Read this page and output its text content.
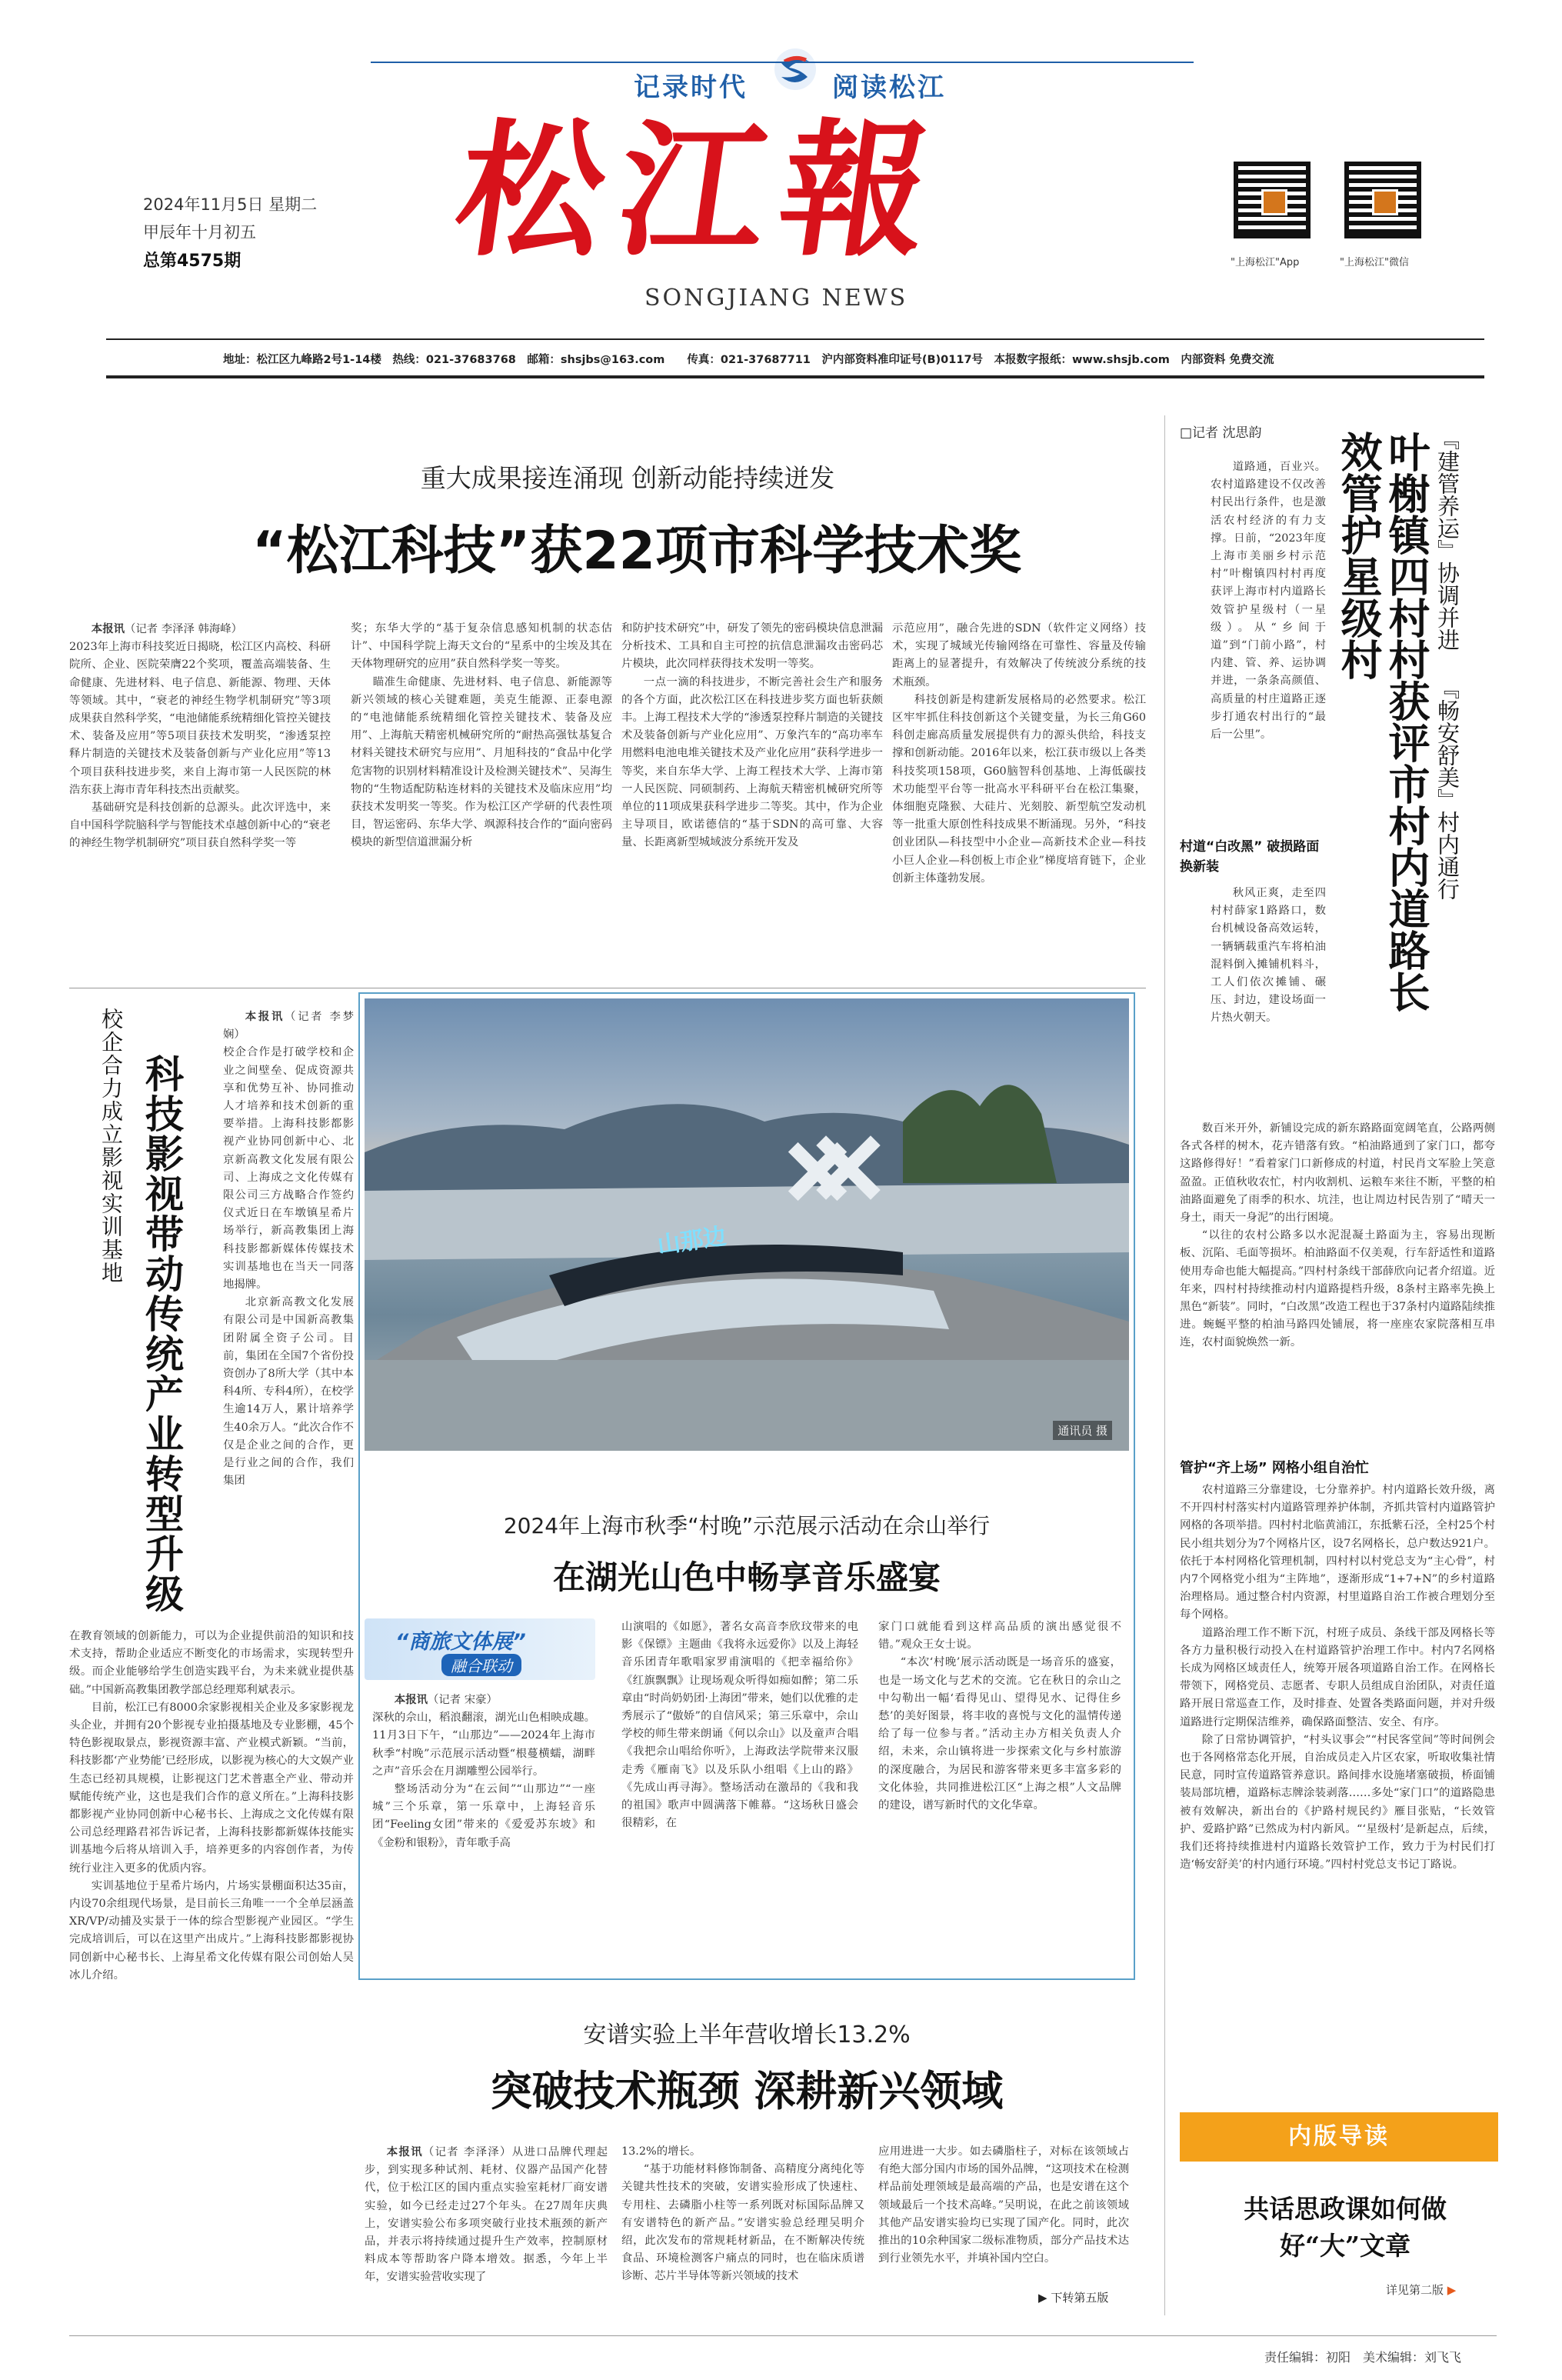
记录时代	阅读松江
松江報
SONGJIANG NEWS
2024年11月5日 星期二
甲辰年十月初五
总第4575期	"上海松江"App	"上海松江"微信
地址：松江区九峰路2号1-14楼　热线：021-37683768　邮箱：shsjbs@163.com　　传真：021-37687711　沪内部资料准印证号(B)0117号　本报数字报纸：www.shsjb.com　内部资料 免费交流
重大成果接连涌现 创新动能持续迸发
“松江科技”获22项市科学技术奖

本报讯（记者 李泽泽 韩海峰）

2023年上海市科技奖近日揭晓，松江区内高校、科研院所、企业、医院荣膺22个奖项，覆盖高端装备、生命健康、先进材料、电子信息、新能源、物理、天体等领域。其中，“衰老的神经生物学机制研究”等3项成果获自然科学奖，“电池储能系统精细化管控关键技术、装备及应用”等5项目获技术发明奖，“渗透泵控释片制造的关键技术及装备创新与产业化应用”等13个项目获科技进步奖，来自上海市第一人民医院的林浩东获上海市青年科技杰出贡献奖。

基础研究是科技创新的总源头。此次评选中，来自中国科学院脑科学与智能技术卓越创新中心的“衰老的神经生物学机制研究”项目获自然科学奖一等

奖；东华大学的“基于复杂信息感知机制的状态估计”、中国科学院上海天文台的“星系中的尘埃及其在天体物理研究的应用”获自然科学奖一等奖。

瞄准生命健康、先进材料、电子信息、新能源等新兴领域的核心关键难题，美克生能源、正泰电源的“电池储能系统精细化管控关键技术、装备及应用”、上海航天精密机械研究所的“耐热高强钛基复合材料关键技术研究与应用”、月旭科技的“食品中化学危害物的识别材料精准设计及检测关键技术”、吴海生物的“生物适配防粘连材料的关键技术及临床应用”均获技术发明奖一等奖。作为松江区产学研的代表性项目，智运密码、东华大学、飒源科技合作的“面向密码模块的新型信道泄漏分析

和防护技术研究”中，研发了领先的密码模块信息泄漏分析技术、工具和自主可控的抗信息泄漏攻击密码芯片模块，此次同样获得技术发明一等奖。

一点一滴的科技进步，不断完善社会生产和服务的各个方面，此次松江区在科技进步奖方面也斩获颇丰。上海工程技术大学的“渗透泵控释片制造的关键技术及装备创新与产业化应用”、万象汽车的“高功率车用燃料电池电堆关键技术及产业化应用”获科学进步一等奖，来自东华大学、上海工程技术大学、上海市第一人民医院、同硕制药、上海航天精密机械研究所等单位的11项成果获科学进步二等奖。其中，作为企业主导项目，欧诺德信的“基于SDN的高可靠、大容量、长距离新型城域波分系统开发及

示范应用”，融合先进的SDN（软件定义网络）技术，实现了城域光传输网络在可靠性、容量及传输距离上的显著提升，有效解决了传统波分系统的技术瓶颈。

科技创新是构建新发展格局的必然要求。松江区牢牢抓住科技创新这个关键变量，为长三角G60科创走廊高质量发展提供有力的源头供给，科技支撑和创新动能。2016年以来，松江获市级以上各类科技奖项158项，G60脑智科创基地、上海低碳技术功能型平台等一批高水平科研平台在松江集聚，体细胞克隆猴、大硅片、光刻胶、新型航空发动机等一批重大原创性科技成果不断涌现。另外，“科技创业团队—科技型中小企业—高新技术企业—科技小巨人企业—科创板上市企业”梯度培育链下，企业创新主体蓬勃发展。

校企合力成立影视实训基地 科技影视带动传统产业转型升级

本报讯（记者 李梦娴）

校企合作是打破学校和企业之间壁垒、促成资源共享和优势互补、协同推动人才培养和技术创新的重要举措。上海科技影都影视产业协同创新中心、北京新高教文化发展有限公司、上海成之文化传媒有限公司三方战略合作签约仪式近日在车墩镇星希片场举行，新高教集团上海科技影都新媒体传媒技术实训基地也在当天一同落地揭牌。

北京新高教文化发展有限公司是中国新高教集团附属全资子公司。目前，集团在全国7个省份投资创办了8所大学（其中本科4所、专科4所），在校学生逾14万人，累计培养学生40余万人。“此次合作不仅是企业之间的合作，更是行业之间的合作，我们集团

在教育领域的创新能力，可以为企业提供前沿的知识和技术支持，帮助企业适应不断变化的市场需求，实现转型升级。而企业能够给学生创造实践平台，为未来就业提供基础。”中国新高教集团教学部总经理郑利斌表示。

目前，松江已有8000余家影视相关企业及多家影视龙头企业，并拥有20个影视专业拍摄基地及专业影棚，45个特色影视取景点，影视资源丰富、产业模式新颖。“当前，科技影都‘产业势能’已经形成，以影视为核心的大文娱产业生态已经初具规模，让影视这门艺术普惠全产业、带动并赋能传统产业，这也是我们合作的意义所在。”上海科技影都影视产业协同创新中心秘书长、上海成之文化传媒有限公司总经理路君祁告诉记者，上海科技影都新媒体技能实训基地今后将从培训入手，培养更多的内容创作者，为传统行业注入更多的优质内容。

实训基地位于星希片场内，片场实景棚面积达35亩，内设70余组现代场景，是目前长三角唯一一个全单层涵盖XR/VP/动捕及实景于一体的综合型影视产业园区。“学生完成培训后，可以在这里产出成片。”上海科技影都影视协同创新中心秘书长、上海星希文化传媒有限公司创始人吴冰儿介绍。

山那边
通讯员 摄
2024年上海市秋季“村晚”示范展示活动在佘山举行
在湖光山色中畅享音乐盛宴
“商旅文体展”
融合联动

本报讯（记者 宋豪）

深秋的佘山，稻浪翻滚，湖光山色相映成趣。11月3日下午，“山那边”——2024年上海市秋季“村晚”示范展示活动暨“根蔓横蠕，湖畔之声”音乐会在月湖雕塑公园举行。

整场活动分为“在云间”“山那边”“一座城”三个乐章，第一乐章中，上海轻音乐团“Feeling女团”带来的《爱爱苏东坡》和《金粉和银粉》，青年歌手高

山演唱的《如愿》，著名女高音李欣玟带来的电影《保镖》主题曲《我将永远爱你》以及上海轻音乐团青年歌唱家罗甫演唱的《把幸福给你》《红旗飘飘》让现场观众听得如痴如醉；第二乐章由“时尚奶奶团·上海团”带来，她们以优雅的走秀展示了“傲娇”的自信风采；第三乐章中，佘山学校的师生带来朗诵《何以佘山》以及童声合唱《我把佘山唱给你听》，上海政法学院带来汉服走秀《雁南飞》以及乐队小组唱《上山的路》《先成山再寻海》。整场活动在激昂的《我和我的祖国》歌声中圆满落下帷幕。“这场秋日盛会很精彩，在

家门口就能看到这样高品质的演出感觉很不错。”观众王女士说。

“本次‘村晚’展示活动既是一场音乐的盛宴，也是一场文化与艺术的交流。它在秋日的佘山之中勾勒出一幅‘看得见山、望得见水、记得住乡愁’的美好图景，将丰收的喜悦与文化的温情传递给了每一位参与者。”活动主办方相关负责人介绍，未来，佘山镇将进一步探索文化与乡村旅游的深度融合，为居民和游客带来更多丰富多彩的文化体验，共同推进松江区“上海之根”人文品牌的建设，谱写新时代的文化华章。

安谱实验上半年营收增长13.2%
突破技术瓶颈 深耕新兴领域

本报讯（记者 李泽泽）从进口品牌代理起步，到实现多种试剂、耗材、仪器产品国产化替代，位于松江区的国内重点实验室耗材厂商安谱实验，如今已经走过27个年头。在27周年庆典上，安谱实验公布多项突破行业技术瓶颈的新产品，并表示将持续通过提升生产效率，控制原材料成本等帮助客户降本增效。据悉，今年上半年，安谱实验营收实现了

13.2%的增长。

“基于功能材料修饰制备、高精度分离纯化等关键共性技术的突破，安谱实验形成了快速柱、专用柱、去磷脂小柱等一系列既对标国际品牌又有安谱特色的新产品。”安谱实验总经理吴明介绍，此次发布的常规耗材新品，在不断解决传统食品、环境检测客户痛点的同时，也在临床质谱诊断、芯片半导体等新兴领域的技术

应用进进一大步。如去磷脂柱子，对标在该领域占有绝大部分国内市场的国外品牌，“这项技术在检测样品前处理领域是最高端的产品，也是安谱在这个领域最后一个技术高峰。”吴明说，在此之前该领域其他产品安谱实验均已实现了国产化。同时，此次推出的10余种国家二级标准物质，部分产品技术达到行业领先水平，并填补国内空白。

▶ 下转第五版
□记者 沈思韵	『建管养运』协调并进 『畅安舒美』村内通行
叶榭镇四村村获评市村内道路长效管护星级村

道路通，百业兴。农村道路建设不仅改善村民出行条件，也是激活农村经济的有力支撑。日前，“2023年度上海市美丽乡村示范村”叶榭镇四村村再度获评上海市村内道路长效管护星级村（一星级）。从“乡间于道”到“门前小路”，村内建、管、养、运协调并进，一条条高颜值、高质量的村庄道路正逐步打通农村出行的“最后一公里”。

村道“白改黑” 破损路面换新装

秋风正爽，走至四村村薛家1路路口，数台机械设备高效运转，一辆辆载重汽车将柏油混料倒入摊铺机料斗，工人们依次摊铺、碾压、封边，建设场面一片热火朝天。

数百米开外，新铺设完成的新东路路面宽阔笔直，公路两侧各式各样的树木，花卉错落有致。“柏油路通到了家门口，都夸这路修得好！”看着家门口新修成的村道，村民肖文军脸上笑意盈盈。正值秋收农忙，村内收割机、运粮车来往不断，平整的柏油路面避免了雨季的积水、坑洼，也让周边村民告别了“晴天一身土，雨天一身泥”的出行困境。

“以往的农村公路多以水泥混凝土路面为主，容易出现断板、沉陷、毛面等损坏。柏油路面不仅美观，行车舒适性和道路使用寿命也能大幅提高。”四村村条线干部薛欣向记者介绍道。近年来，四村村持续推动村内道路提档升级，8条村主路率先换上黑色“新装”。同时，“白改黑”改造工程也于37条村内道路陆续推进。蜿蜒平整的柏油马路四处铺展，将一座座农家院落相互串连，农村面貌焕然一新。

管护“齐上场” 网格小组自治忙

农村道路三分靠建设，七分靠养护。村内道路长效升级，离不开四村村落实村内道路管理养护体制，齐抓共管村内道路管护网格的各项举措。四村村北临黄浦江，东抵紫石泾，全村25个村民小组共划分为7个网格片区，设7名网格长，总户数达921户。依托于本村网格化管理机制，四村村以村党总支为“主心骨”，村内7个网格党小组为“主阵地”，逐渐形成“1+7+N”的乡村道路治理格局。通过整合村内资源，村里道路自治工作被合理划分至每个网格。

道路治理工作不断下沉，村班子成员、条线干部及网格长等各方力量积极行动投入在村道路管护治理工作中。村内7名网格长成为网格区域责任人，统筹开展各项道路自治工作。在网格长带领下，网格党员、志愿者、专职人员组成自治团队，对责任道路开展日常巡查工作，及时排查、处置各类路面问题，并对升级道路进行定期保洁维养，确保路面整洁、安全、有序。

除了日常协调管护，“村头议事会”“村民客堂间”等时间例会也于各网格常态化开展，自治成员走入片区农家，听取收集社情民意，同时宣传道路管养意识。路间排水设施堵塞破损，桥面铺装局部坑槽，道路标志牌涂装剥落……多处“家门口”的道路隐患被有效解决，新出台的《护路村规民约》雁目张贴，“长效管护、爱路护路”已然成为村内新风。“‘星级村’是新起点，后续，我们还将持续推进村内道路长效管护工作，致力于为村民们打造‘畅安舒美’的村内通行环境。”四村村党总支书记丁路说。

内版导读
共话思政课如何做好“大”文章
详见第二版 ▶
责任编辑：初阳　美术编辑：刘飞飞
